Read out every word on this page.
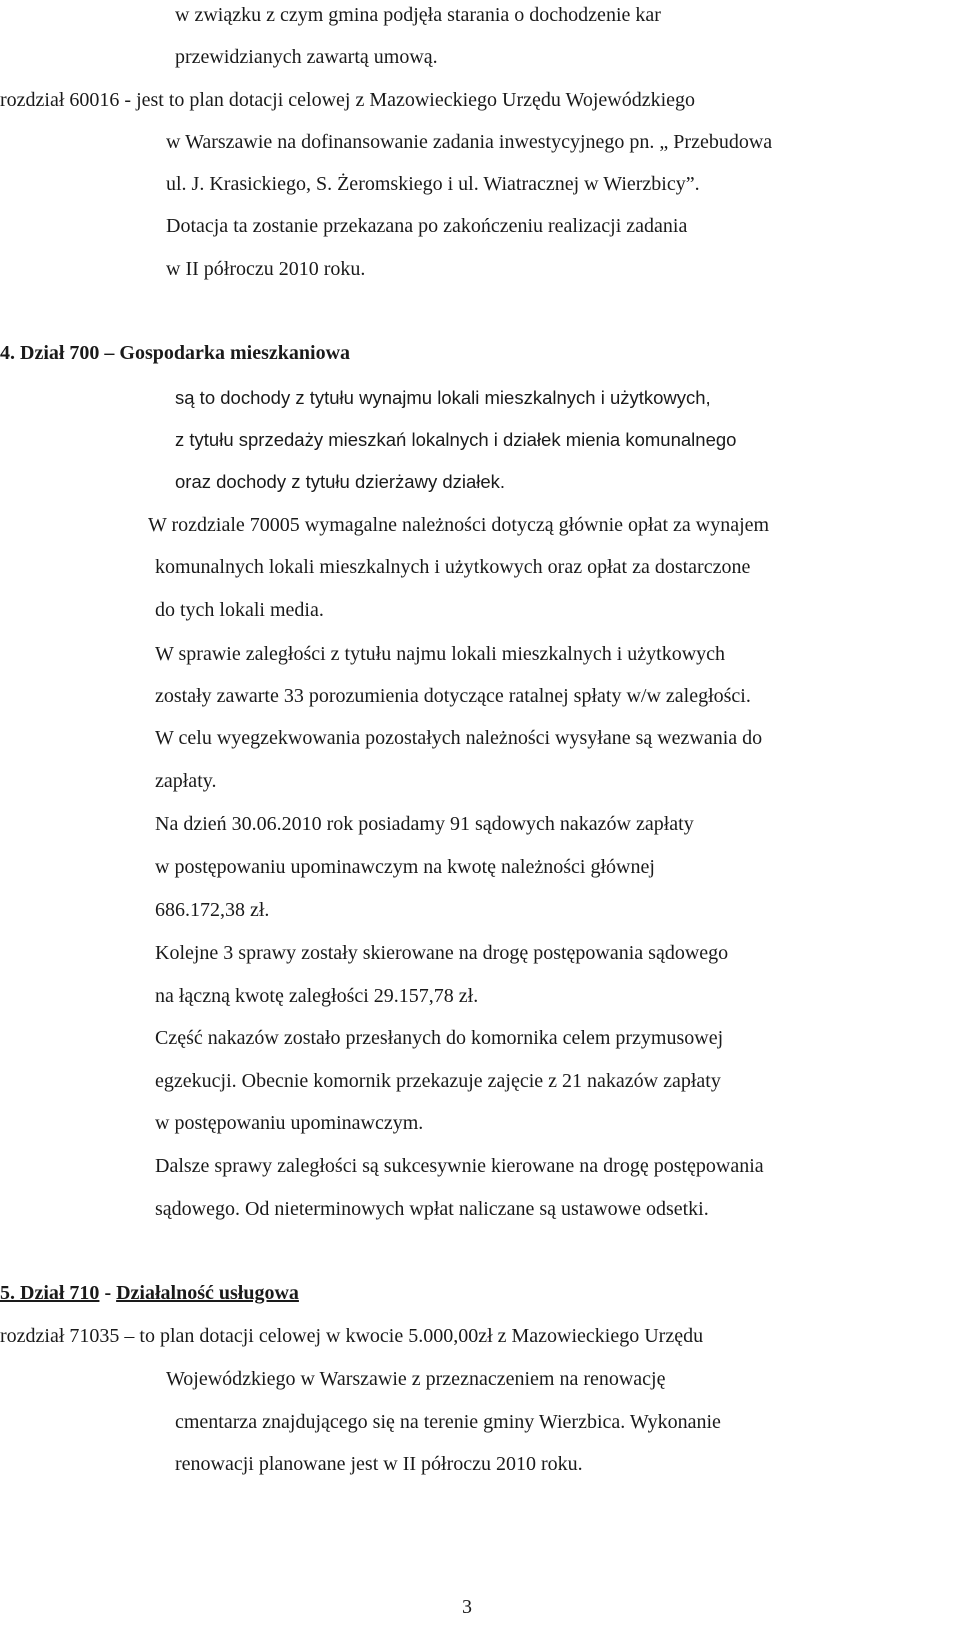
w związku z czym gmina podjęła starania o dochodzenie kar

przewidzianych zawartą umową.

rozdział 60016 - jest to plan dotacji celowej z Mazowieckiego Urzędu Wojewódzkiego

w Warszawie na dofinansowanie zadania inwestycyjnego pn. „ Przebudowa

ul. J. Krasickiego, S. Żeromskiego i ul. Wiatracznej w Wierzbicy”.

Dotacja ta zostanie przekazana po zakończeniu realizacji zadania

w II półroczu 2010 roku.

4. Dział 700 – Gospodarka mieszkaniowa

są to dochody z tytułu wynajmu lokali mieszkalnych i użytkowych,

z tytułu sprzedaży mieszkań lokalnych i działek mienia komunalnego

oraz dochody z tytułu dzierżawy działek.

W rozdziale 70005 wymagalne należności dotyczą głównie opłat za wynajem

komunalnych lokali mieszkalnych i użytkowych oraz opłat za dostarczone

do tych lokali media.

W sprawie zaległości z tytułu najmu lokali mieszkalnych i użytkowych

zostały zawarte 33 porozumienia dotyczące ratalnej spłaty w/w zaległości.

W celu wyegzekwowania pozostałych należności wysyłane są wezwania do

zapłaty.

Na dzień 30.06.2010 rok posiadamy 91 sądowych nakazów zapłaty

w postępowaniu upominawczym na kwotę należności głównej

686.172,38 zł.

Kolejne 3 sprawy zostały skierowane na drogę postępowania sądowego

na łączną kwotę zaległości 29.157,78 zł.

Część nakazów zostało przesłanych do komornika celem przymusowej

egzekucji. Obecnie komornik przekazuje zajęcie z 21 nakazów zapłaty

w postępowaniu upominawczym.

Dalsze sprawy zaległości są sukcesywnie kierowane na drogę postępowania

sądowego. Od nieterminowych wpłat naliczane są ustawowe odsetki.

5. Dział 710 - Działalność usługowa

rozdział 71035 – to plan dotacji celowej w kwocie 5.000,00zł z Mazowieckiego Urzędu

Wojewódzkiego w Warszawie z przeznaczeniem na renowację

cmentarza znajdującego się na terenie gminy Wierzbica. Wykonanie

renowacji planowane jest w II półroczu 2010 roku.

3
